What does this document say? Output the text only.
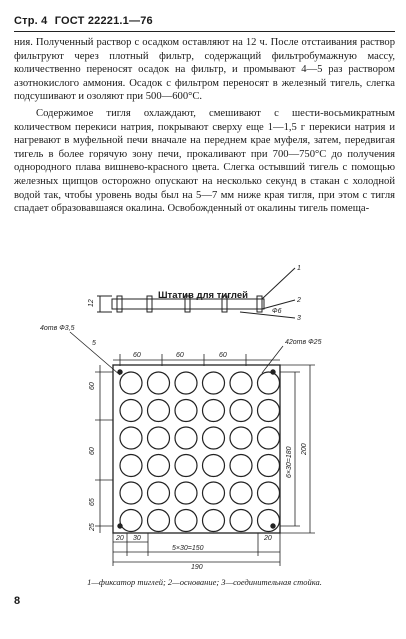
Стр. 4 ГОСТ 22221.1—76

ния. Полученный раствор с осадком оставляют на 12 ч. После отстаивания раствор фильтруют через плотный фильтр, содержащий фильтробумажную массу, количественно переносят осадок на фильтр, и промывают 4—5 раз раствором азотнокислого аммония. Осадок с фильтром переносят в железный тигель, слегка подсушивают и озоляют при 500—600°С.

Содержимое тигля охлаждают, смешивают с шести-восьмикратным количеством перекиси натрия, покрывают сверху еще 1—1,5 г перекиси натрия и нагревают в муфельной печи вначале на переднем крае муфеля, затем, передвигая тигель в более горячую зону печи, прокаливают при 700—750°С до получения однородного плава вишнево-красного цвета. Слегка остывший тигель с помощью железных щипцов осторожно опускают на несколько секунд в стакан с холодной водой так, чтобы уровень воды был на 5—7 мм ниже края тигля, при этом с тигля спадает образовавшаяся окалина. Освобожденный от окалины тигель помеща-

Штатив для тиглей
12
Ф6
1
2
3
60	60	60
4отв Ф3,5
42отв Ф25
5
60
60
65
25
6×30=180 200
20 30	20
5×30=150
190
1—фиксатор тиглей; 2—основание; 3—соединительная стойка.
8
